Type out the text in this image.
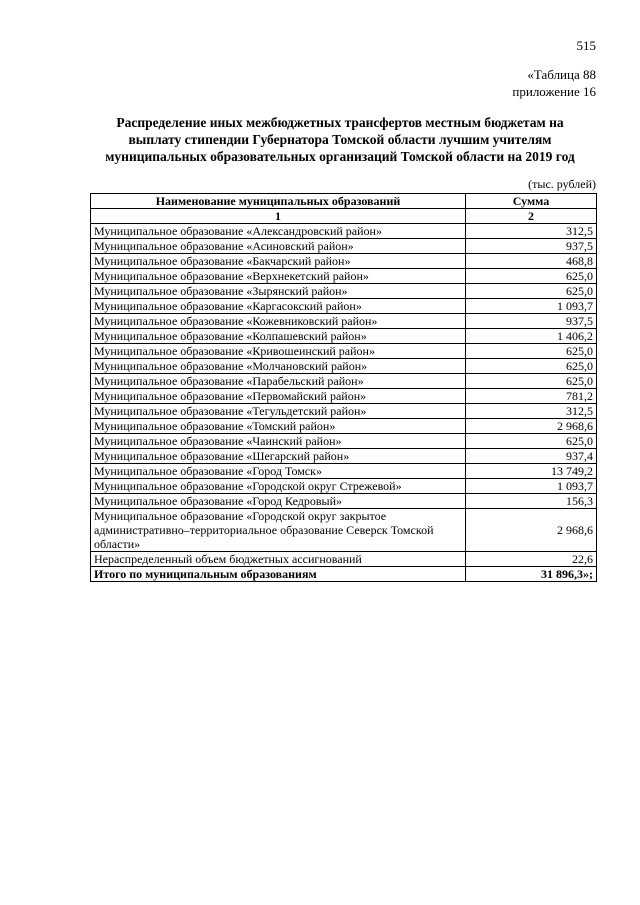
515
«Таблица 88
приложение 16
Распределение иных межбюджетных трансфертов местным бюджетам на
выплату стипендии Губернатора Томской области лучшим учителям
муниципальных образовательных организаций Томской области на 2019 год
(тыс. рублей)
Наименование муниципальных образований	Сумма
1	2
Муниципальное образование «Александровский район»	312,5
Муниципальное образование «Асиновский район»	937,5
Муниципальное образование «Бакчарский район»	468,8
Муниципальное образование «Верхнекетский район»	625,0
Муниципальное образование «Зырянский район»	625,0
Муниципальное образование «Каргасокский район»	1 093,7
Муниципальное образование «Кожевниковский район»	937,5
Муниципальное образование «Колпашевский район»	1 406,2
Муниципальное образование «Кривошеинский район»	625,0
Муниципальное образование «Молчановский район»	625,0
Муниципальное образование «Парабельский район»	625,0
Муниципальное образование «Первомайский район»	781,2
Муниципальное образование «Тегульдетский район»	312,5
Муниципальное образование «Томский район»	2 968,6
Муниципальное образование «Чаинский район»	625,0
Муниципальное образование «Шегарский район»	937,4
Муниципальное образование «Город Томск»	13 749,2
Муниципальное образование «Городской округ Стрежевой»	1 093,7
Муниципальное образование «Город Кедровый»	156,3
Муниципальное образование «Городской округ закрытое административно–территориальное образование Северск Томской области»	2 968,6
Нераспределенный объем бюджетных ассигнований	22,6
Итого по муниципальным образованиям	31 896,3»;
